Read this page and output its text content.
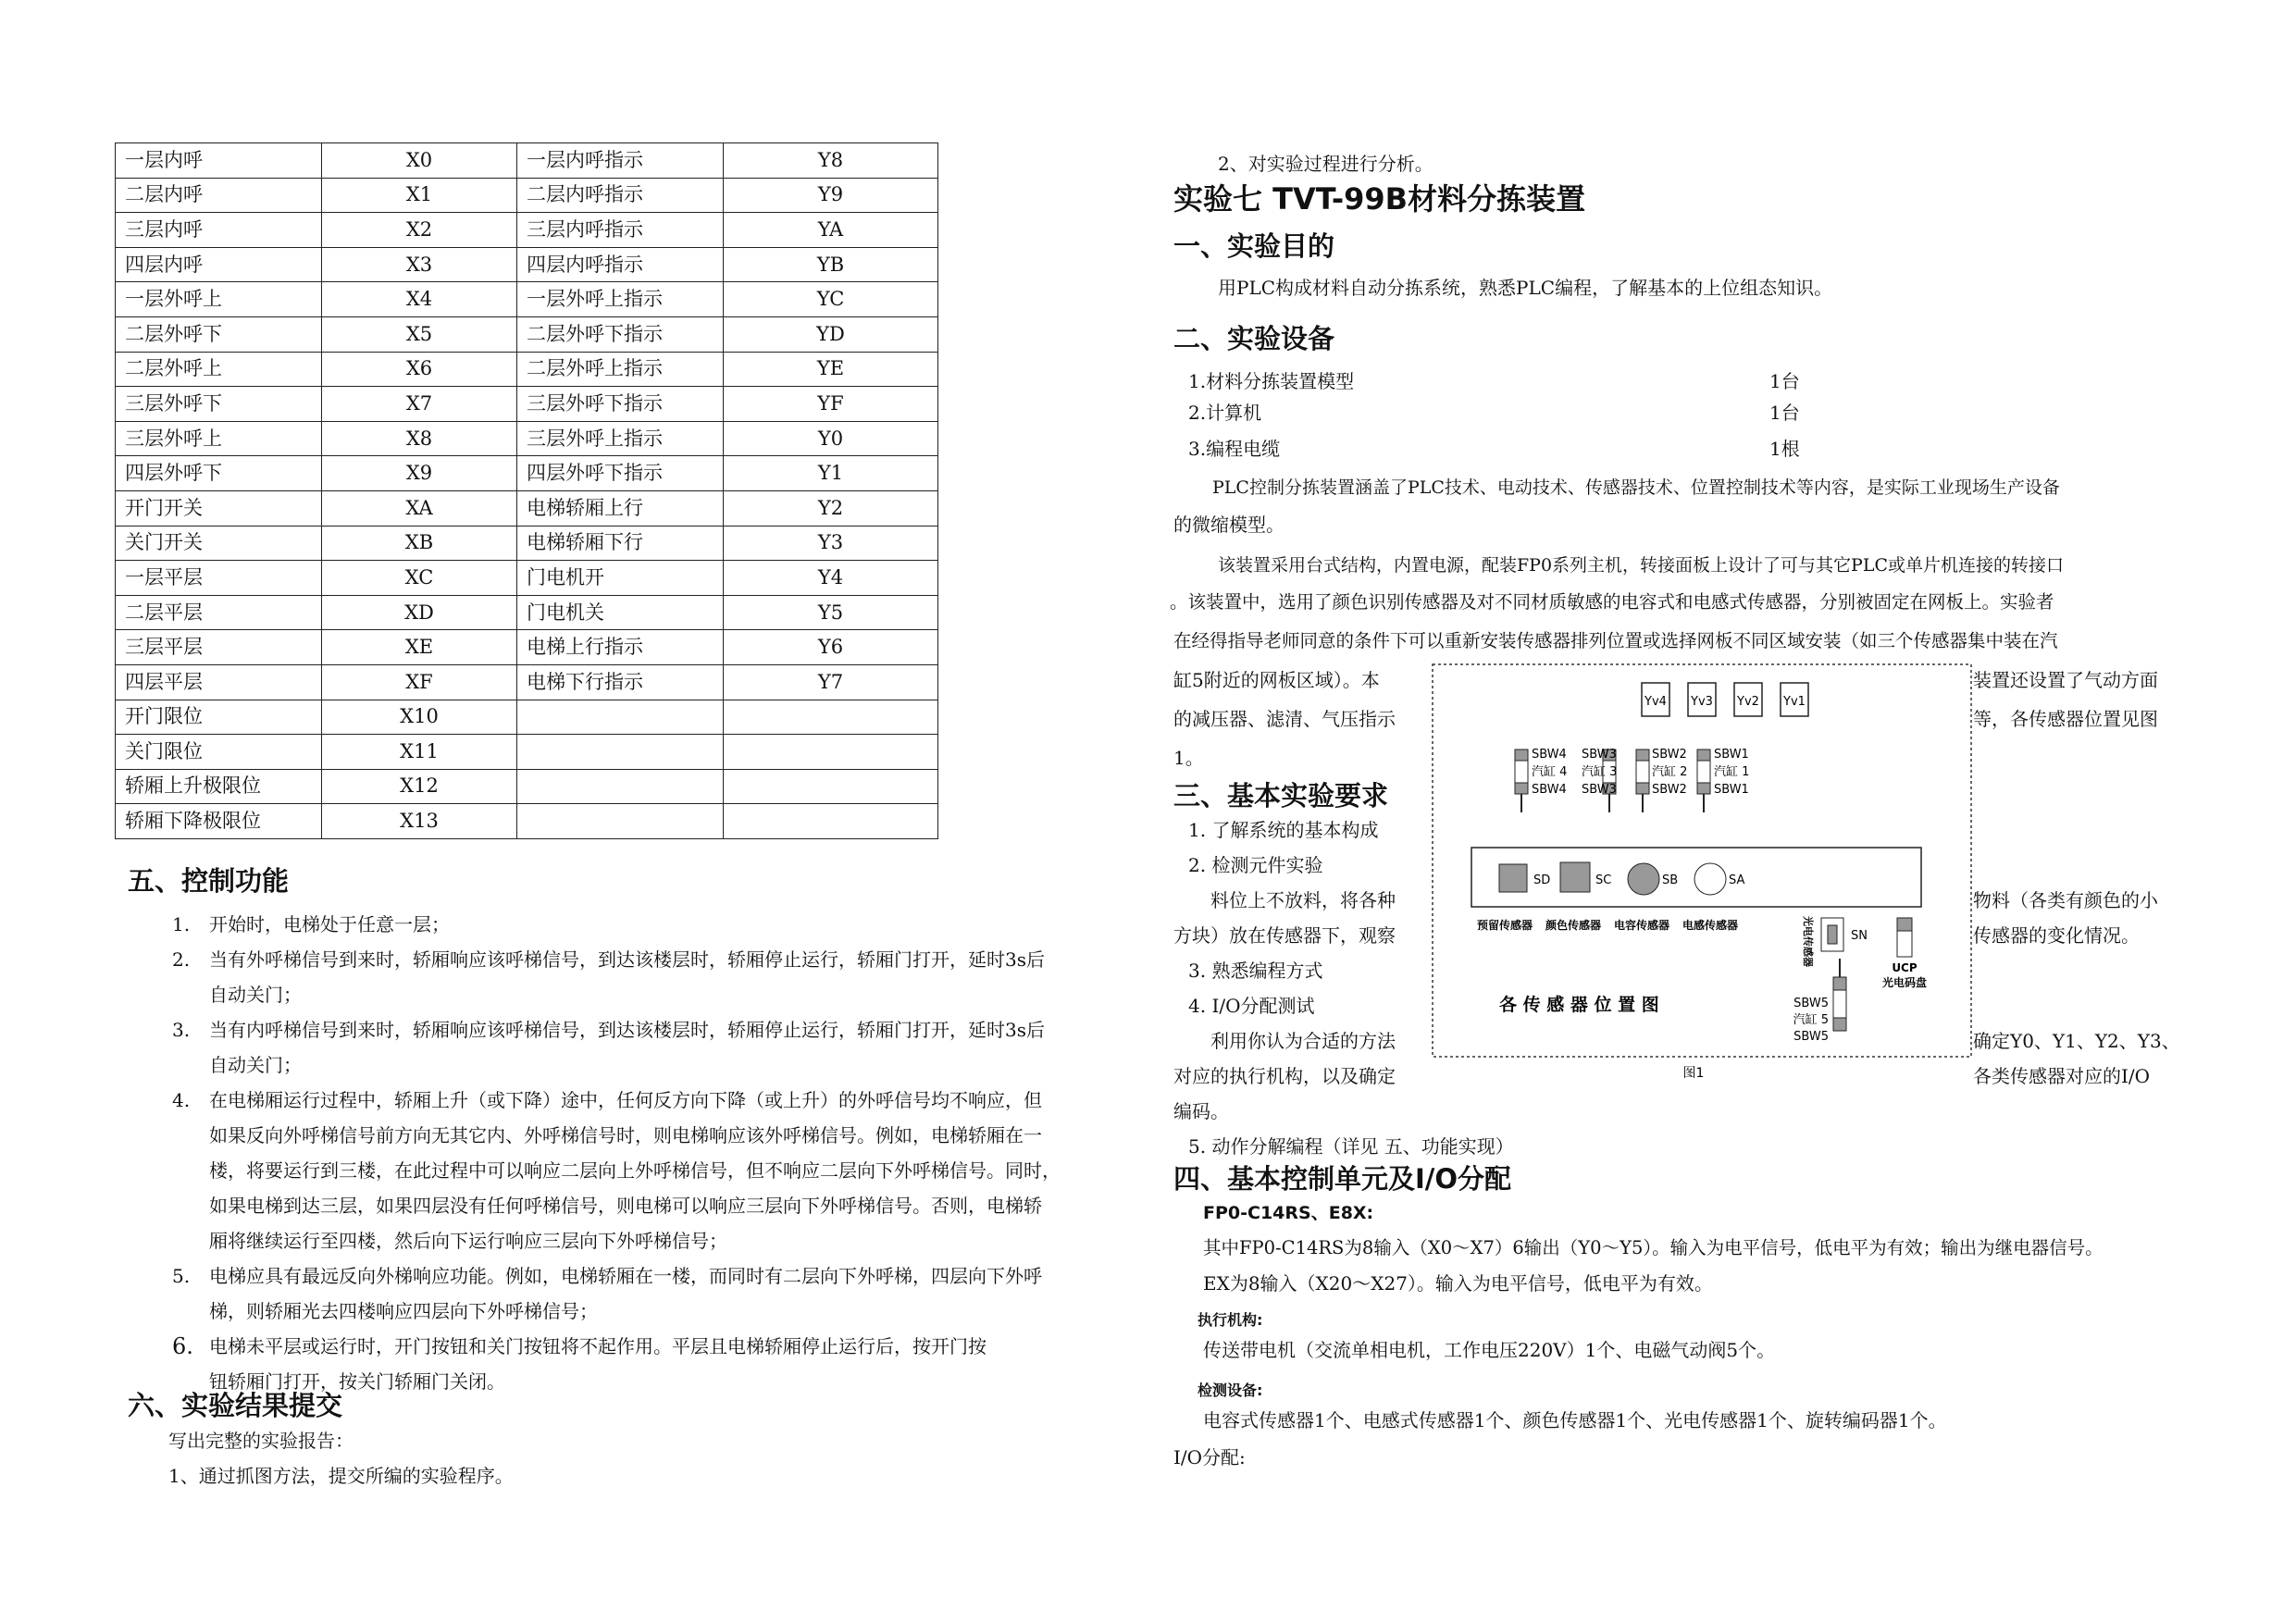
一层内呼	X0	一层内呼指示	Y8
二层内呼	X1	二层内呼指示	Y9
三层内呼	X2	三层内呼指示	YA
四层内呼	X3	四层内呼指示	YB
一层外呼上	X4	一层外呼上指示	YC
二层外呼下	X5	二层外呼下指示	YD
二层外呼上	X6	二层外呼上指示	YE
三层外呼下	X7	三层外呼下指示	YF
三层外呼上	X8	三层外呼上指示	Y0
四层外呼下	X9	四层外呼下指示	Y1
开门开关	XA	电梯轿厢上行	Y2
关门开关	XB	电梯轿厢下行	Y3
一层平层	XC	门电机开	Y4
二层平层	XD	门电机关	Y5
三层平层	XE	电梯上行指示	Y6
四层平层	XF	电梯下行指示	Y7
开门限位	X10		
关门限位	X11		
轿厢上升极限位	X12		
轿厢下降极限位	X13		
五、控制功能
1. 开始时，电梯处于任意一层；
2. 当有外呼梯信号到来时，轿厢响应该呼梯信号，到达该楼层时，轿厢停止运行，轿厢门打开，延时3s后
自动关门；
3. 当有内呼梯信号到来时，轿厢响应该呼梯信号，到达该楼层时，轿厢停止运行，轿厢门打开，延时3s后
自动关门；
4. 在电梯厢运行过程中，轿厢上升（或下降）途中，任何反方向下降（或上升）的外呼信号均不响应，但
如果反向外呼梯信号前方向无其它内、外呼梯信号时，则电梯响应该外呼梯信号。例如，电梯轿厢在一
楼，将要运行到三楼，在此过程中可以响应二层向上外呼梯信号，但不响应二层向下外呼梯信号。同时，
如果电梯到达三层，如果四层没有任何呼梯信号，则电梯可以响应三层向下外呼梯信号。否则，电梯轿
厢将继续运行至四楼，然后向下运行响应三层向下外呼梯信号；
5. 电梯应具有最远反向外梯响应功能。例如，电梯轿厢在一楼，而同时有二层向下外呼梯，四层向下外呼
梯，则轿厢光去四楼响应四层向下外呼梯信号；
6. 电梯未平层或运行时，开门按钮和关门按钮将不起作用。平层且电梯轿厢停止运行后，按开门按
钮轿厢门打开，按关门轿厢门关闭。
六、实验结果提交
写出完整的实验报告：
1、通过抓图方法，提交所编的实验程序。
2、对实验过程进行分析。
实验七 TVT-99B材料分拣装置
一、实验目的
用PLC构成材料自动分拣系统，熟悉PLC编程，了解基本的上位组态知识。
二、实验设备
1.材料分拣装置模型	1台
2.计算机	1台
3.编程电缆	1根
PLC控制分拣装置涵盖了PLC技术、电动技术、传感器技术、位置控制技术等内容，是实际工业现场生产设备
的微缩模型。
该装置采用台式结构，内置电源，配装FP0系列主机，转接面板上设计了可与其它PLC或单片机连接的转接口
。该装置中，选用了颜色识别传感器及对不同材质敏感的电容式和电感式传感器，分别被固定在网板上。实验者
在经得指导老师同意的条件下可以重新安装传感器排列位置或选择网板不同区域安装（如三个传感器集中装在汽
缸5附近的网板区域）。本	装置还设置了气动方面
的减压器、滤清、气压指示	等，各传感器位置见图
1。
三、基本实验要求
1. 了解系统的基本构成
2. 检测元件实验
料位上不放料，将各种	物料（各类有颜色的小
方块）放在传感器下，观察	传感器的变化情况。
3. 熟悉编程方式
4. I/O分配测试
利用你认为合适的方法	确定Y0、Y1、Y2、Y3、
对应的执行机构，以及确定	各类传感器对应的I/O
编码。
5. 动作分解编程（详见 五、功能实现）
四、基本控制单元及I/O分配
FP0-C14RS、E8X:
其中FP0-C14RS为8输入（X0～X7）6输出（Y0～Y5）。输入为电平信号，低电平为有效；输出为继电器信号。
EX为8输入（X20～X27）。输入为电平信号，低电平为有效。
执行机构:
传送带电机（交流单相电机，工作电压220V）1个、电磁气动阀5个。
检测设备:
电容式传感器1个、电感式传感器1个、颜色传感器1个、光电传感器1个、旋转编码器1个。
I/O分配:
Yv4 Yv3 Yv2 Yv1
SBW4
汽缸 4
SBW4
SBW3
汽缸 3
SBW3
SBW2
汽缸 2
SBW2
SBW1
汽缸 1
SBW1
SD	SC	SB	SA
预留传感器 颜色传感器 电容传感器 电感传感器
SN
光电传感器
UCP
光电码盘
各 传 感 器 位 置 图	SBW5
汽缸 5
SBW5
图1
